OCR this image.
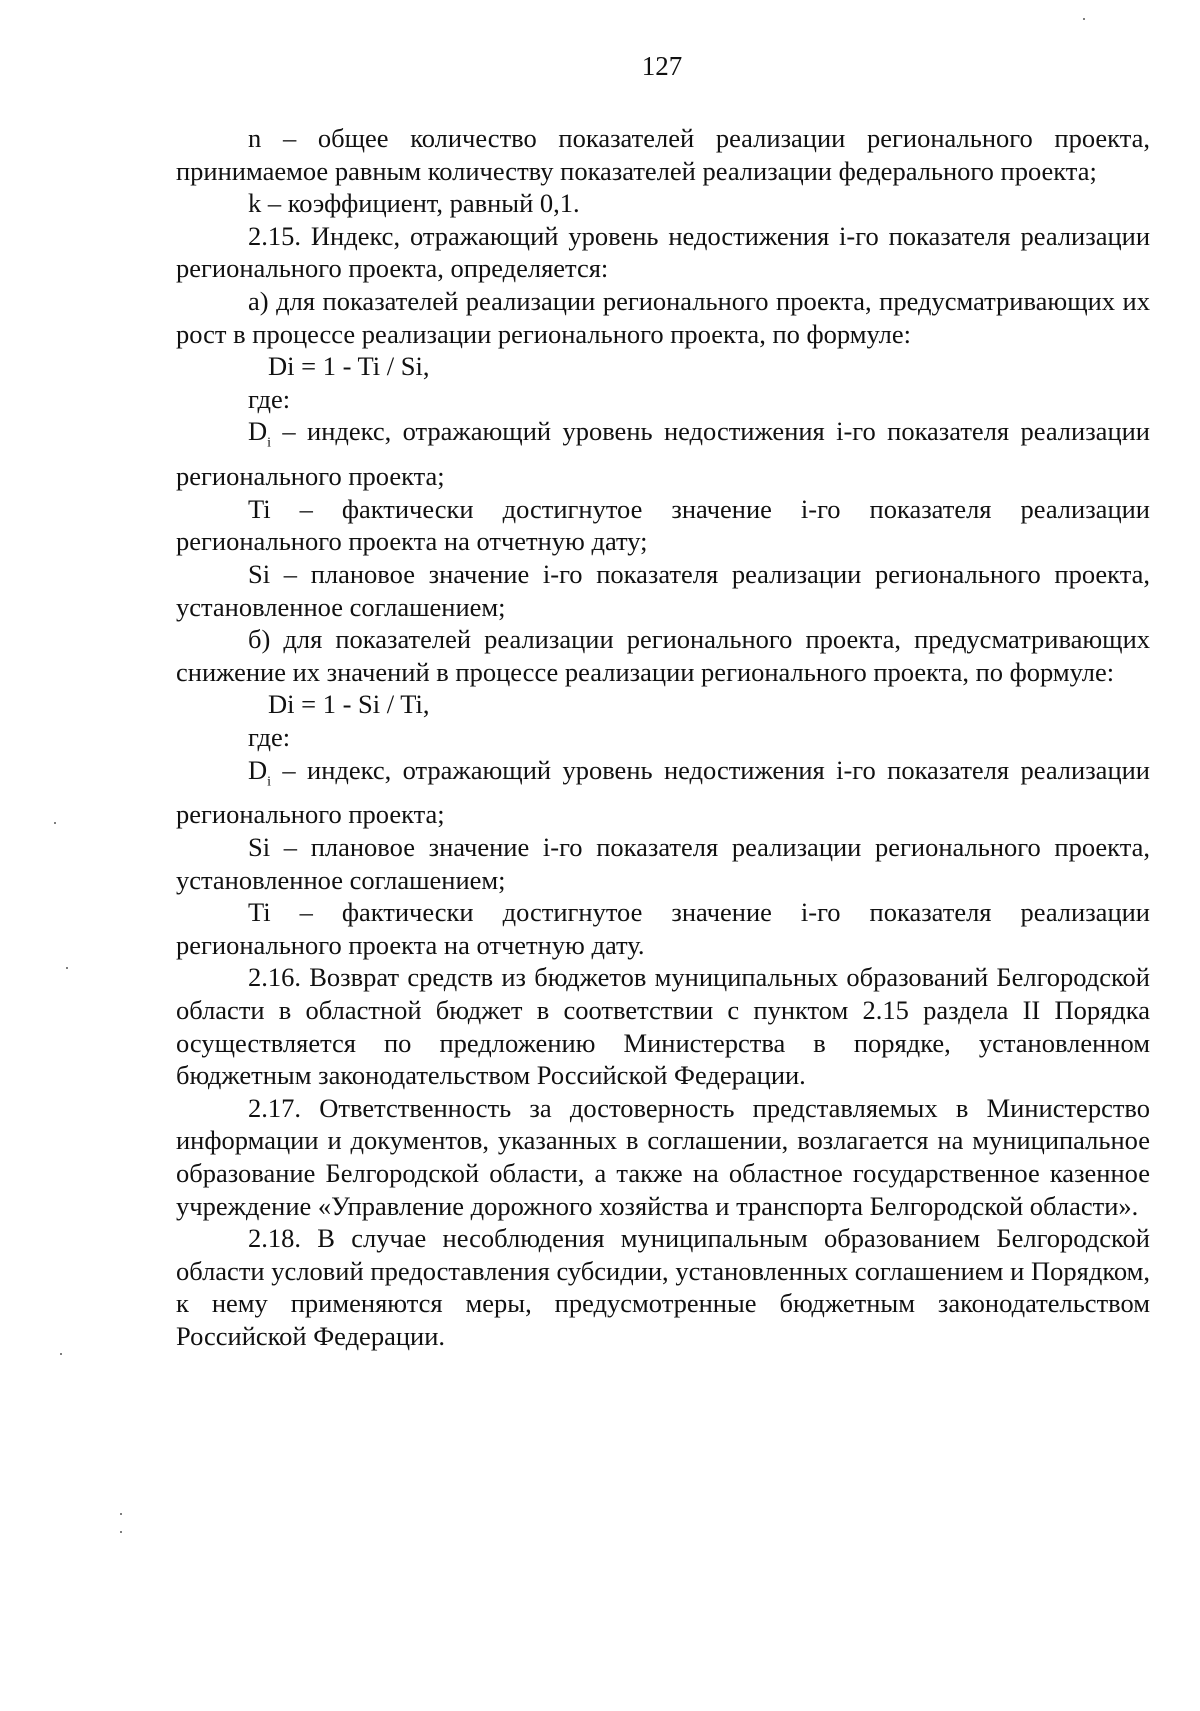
127

n – общее количество показателей реализации регионального проекта, принимаемое равным количеству показателей реализации федерального проекта;

k – коэффициент, равный 0,1.

2.15. Индекс, отражающий уровень недостижения i-го показателя реализации регионального проекта, определяется:

а) для показателей реализации регионального проекта, предусматривающих их рост в процессе реализации регионального проекта, по формуле:

Di = 1 - Ti / Si,

где:

$D_i$ – индекс, отражающий уровень недостижения i-го показателя реализации регионального проекта;

Ti – фактически достигнутое значение i-го показателя реализации регионального проекта на отчетную дату;

Si – плановое значение i-го показателя реализации регионального проекта, установленное соглашением;

б) для показателей реализации регионального проекта, предусматривающих снижение их значений в процессе реализации регионального проекта, по формуле:

Di = 1 - Si / Ti,

где:

$D_i$ – индекс, отражающий уровень недостижения i-го показателя реализации регионального проекта;

Si – плановое значение i-го показателя реализации регионального проекта, установленное соглашением;

Ti – фактически достигнутое значение i-го показателя реализации регионального проекта на отчетную дату.

2.16. Возврат средств из бюджетов муниципальных образований Белгородской области в областной бюджет в соответствии с пунктом 2.15 раздела II Порядка осуществляется по предложению Министерства в порядке, установленном бюджетным законодательством Российской Федерации.

2.17. Ответственность за достоверность представляемых в Министерство информации и документов, указанных в соглашении, возлагается на муниципальное образование Белгородской области, а также на областное государственное казенное учреждение «Управление дорожного хозяйства и транспорта Белгородской области».

2.18. В случае несоблюдения муниципальным образованием Белгородской области условий предоставления субсидии, установленных соглашением и Порядком, к нему применяются меры, предусмотренные бюджетным законодательством Российской Федерации.
